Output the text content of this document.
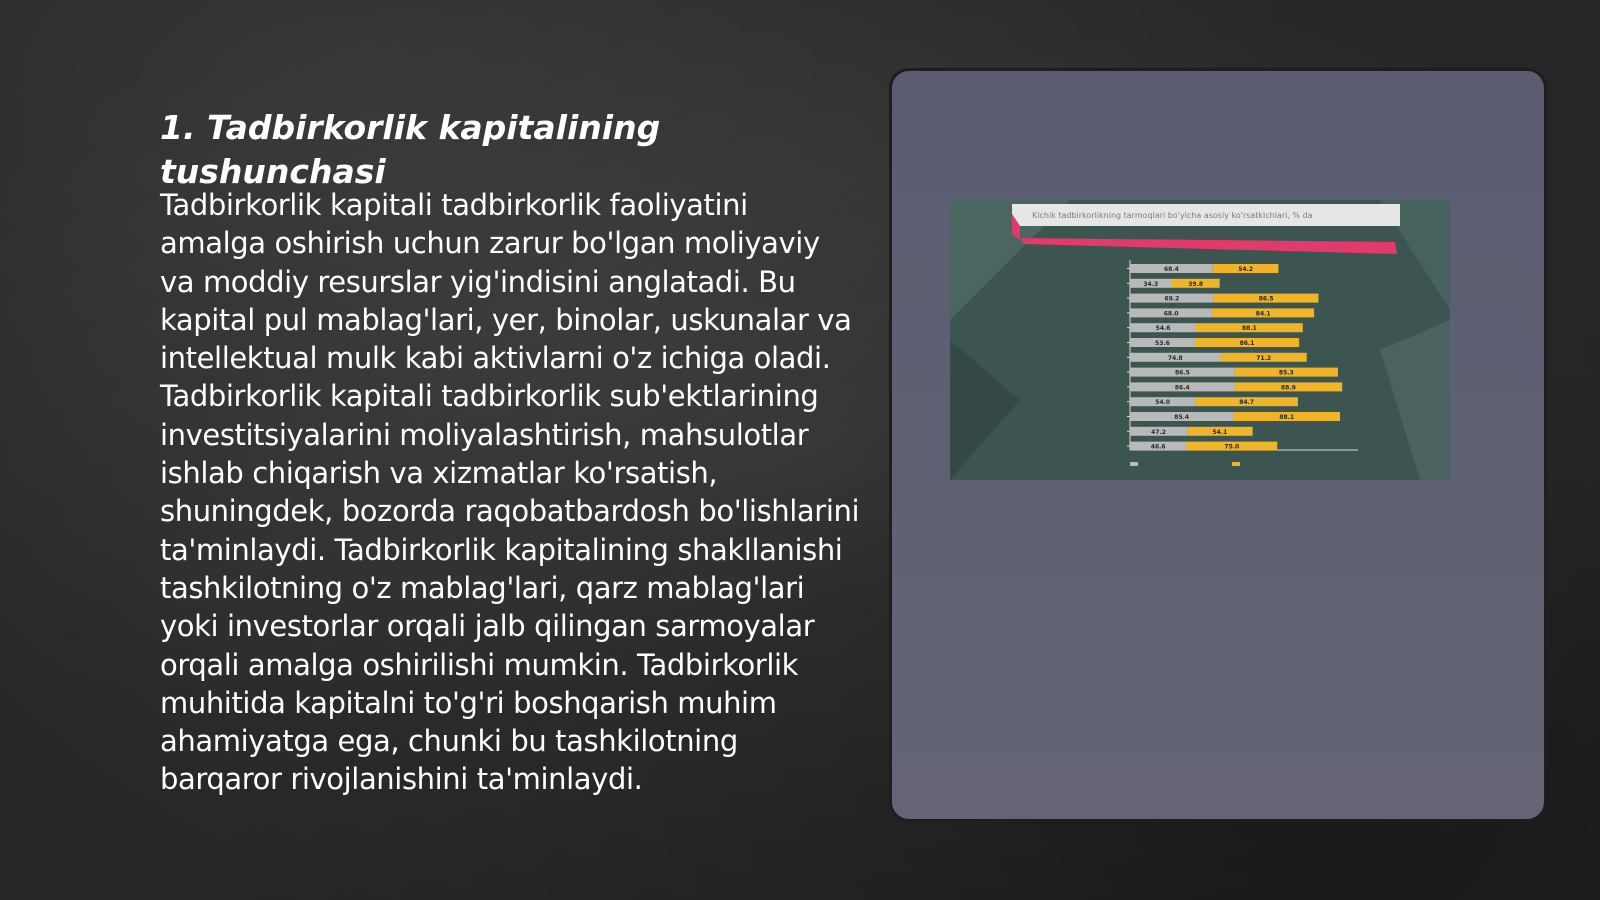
1. Tadbirkorlik kapitalining tushunchasi

Tadbirkorlik kapitali tadbirkorlik faoliyatini amalga oshirish uchun zarur bo'lgan moliyaviy va moddiy resurslar yig'indisini anglatadi. Bu kapital pul mablag'lari, yer, binolar, uskunalar va intellektual mulk kabi aktivlarni o'z ichiga oladi. Tadbirkorlik kapitali tadbirkorlik sub'ektlarining investitsiyalarini moliyalashtirish, mahsulotlar ishlab chiqarish va xizmatlar ko'rsatish, shuningdek, bozorda raqobatbardosh bo'lishlarini ta'minlaydi. Tadbirkorlik kapitalining shakllanishi tashkilotning o'z mablag'lari, qarz mablag'lari yoki investorlar orqali jalb qilingan sarmoyalar orqali amalga oshirilishi mumkin. Tadbirkorlik muhitida kapitalni to'g'ri boshqarish muhim ahamiyatga ega, chunki bu tashkilotning barqaror rivojlanishini ta'minlaydi.

Kichik tadbirkorlikning tarmoqlari bo'yicha asosiy ko'rsatkichlari, % da
68.4	54.2
34.3	39.8
69.2	86.5
68.0	84.1
54.6	88.1
53.6	86.1
74.8	71.2
86.5	85.3
86.4	88.9
54.0	84.7
85.4	88.1
47.2	54.1
46.6	75.0
